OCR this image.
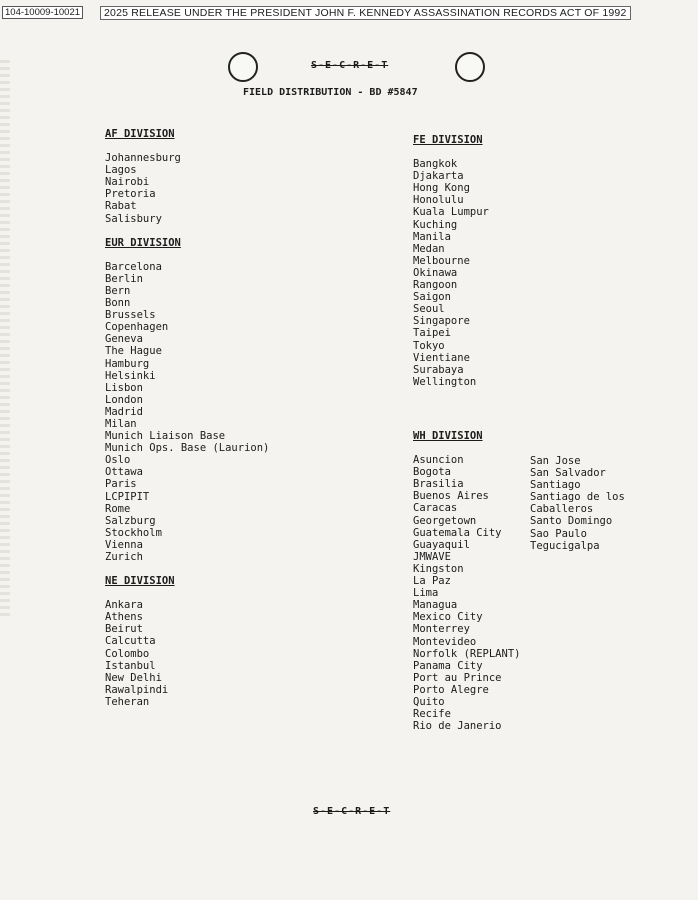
104-10009-10021	2025 RELEASE UNDER THE PRESIDENT JOHN F. KENNEDY ASSASSINATION RECORDS ACT OF 1992
S-E-C-R-E-T
FIELD DISTRIBUTION - BD #5847
AF DIVISION
Johannesburg
Lagos
Nairobi
Pretoria
Rabat
Salisbury
EUR DIVISION
Barcelona
Berlin
Bern
Bonn
Brussels
Copenhagen
Geneva
The Hague
Hamburg
Helsinki
Lisbon
London
Madrid
Milan
Munich Liaison Base
Munich Ops. Base (Laurion)
Oslo
Ottawa
Paris
LCPIPIT
Rome
Salzburg
Stockholm
Vienna
Zurich
NE DIVISION
Ankara
Athens
Beirut
Calcutta
Colombo
Istanbul
New Delhi
Rawalpindi
Teheran
FE DIVISION
Bangkok
Djakarta
Hong Kong
Honolulu
Kuala Lumpur
Kuching
Manila
Medan
Melbourne
Okinawa
Rangoon
Saigon
Seoul
Singapore
Taipei
Tokyo
Vientiane
Surabaya
Wellington
WH DIVISION
Asuncion
Bogota
Brasilia
Buenos Aires
Caracas
Georgetown
Guatemala City
Guayaquil
JMWAVE
Kingston
La Paz
Lima
Managua
Mexico City
Monterrey
Montevideo
Norfolk (REPLANT)
Panama City
Port au Prince
Porto Alegre
Quito
Recife
Rio de Janerio
San Jose
San Salvador
Santiago
Santiago de los
Caballeros
Santo Domingo
Sao Paulo
Tegucigalpa
S-E-C-R-E-T
